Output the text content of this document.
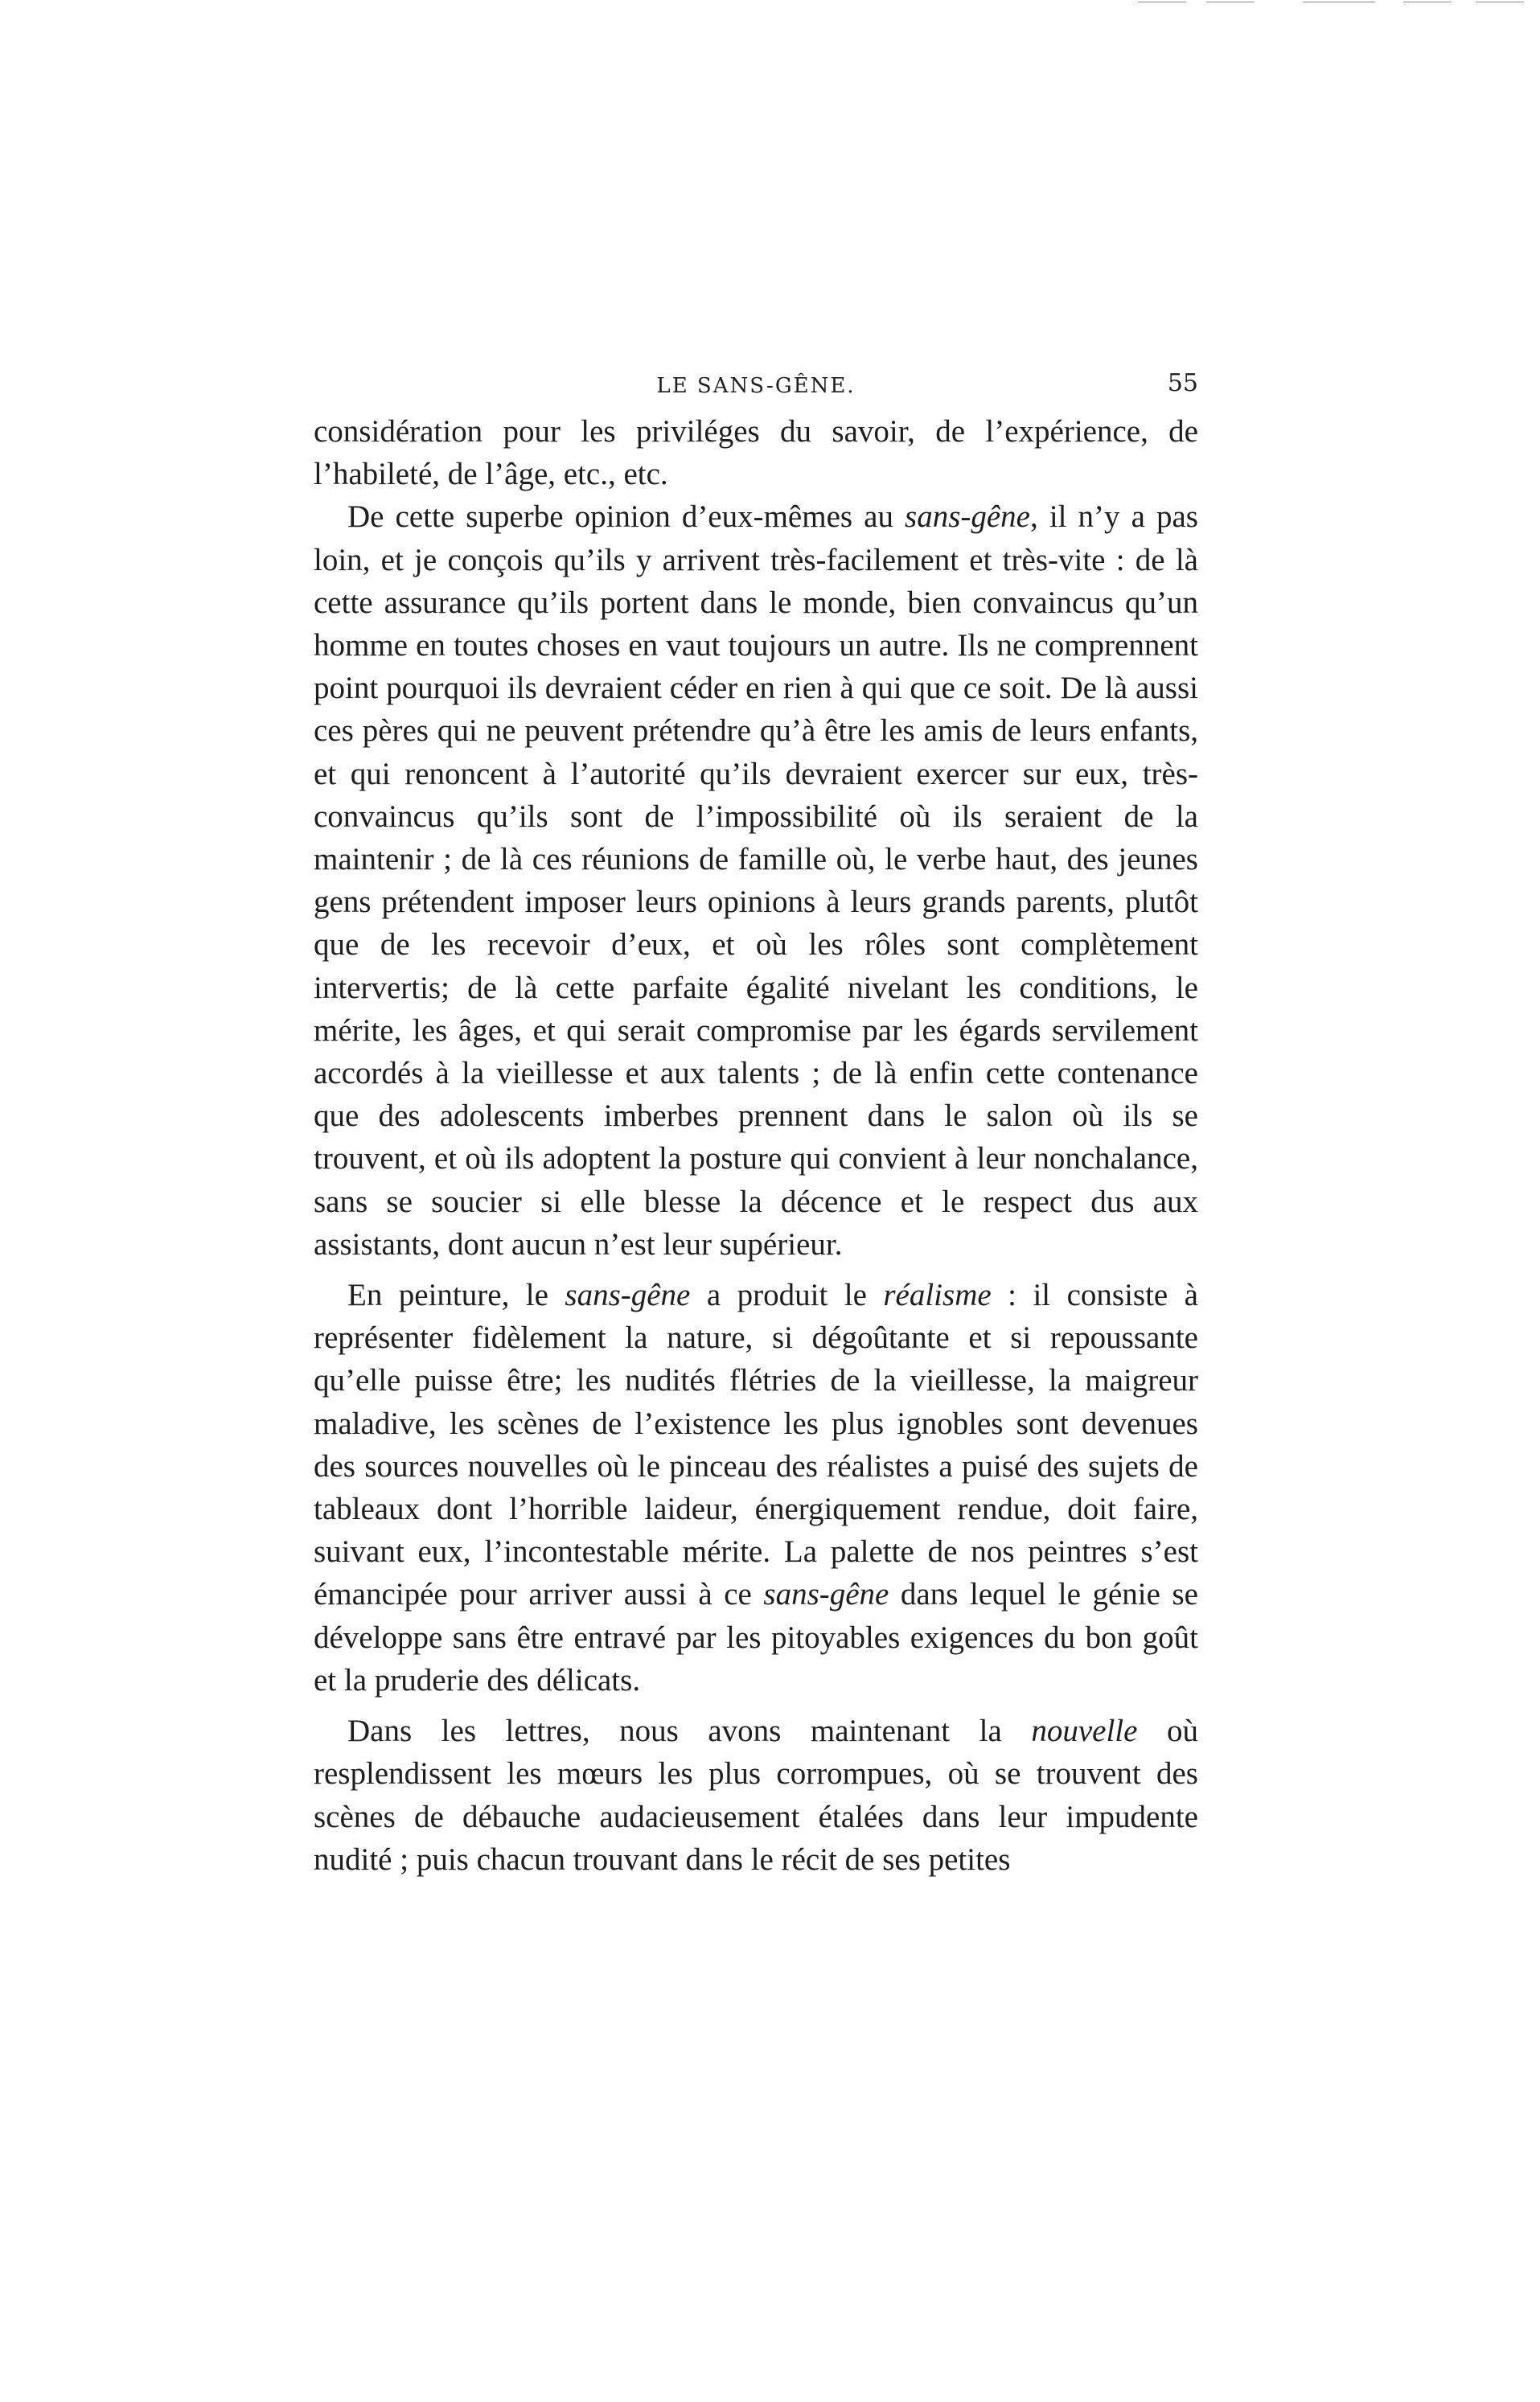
LE SANS-GÊNE.	55

considération pour les priviléges du savoir, de l’expérience, de l’habileté, de l’âge, etc., etc.

De cette superbe opinion d’eux-mêmes au sans-gêne, il n’y a pas loin, et je conçois qu’ils y arrivent très-facilement et très-vite : de là cette assurance qu’ils portent dans le monde, bien convaincus qu’un homme en toutes choses en vaut toujours un autre. Ils ne comprennent point pourquoi ils devraient céder en rien à qui que ce soit. De là aussi ces pères qui ne peuvent prétendre qu’à être les amis de leurs enfants, et qui renoncent à l’autorité qu’ils devraient exercer sur eux, très-convaincus qu’ils sont de l’impossibilité où ils seraient de la maintenir ; de là ces réunions de famille où, le verbe haut, des jeunes gens prétendent imposer leurs opinions à leurs grands parents, plutôt que de les recevoir d’eux, et où les rôles sont complètement intervertis; de là cette parfaite égalité nivelant les conditions, le mérite, les âges, et qui serait compromise par les égards servilement accordés à la vieillesse et aux talents ; de là enfin cette contenance que des adolescents imberbes prennent dans le salon où ils se trouvent, et où ils adoptent la posture qui convient à leur nonchalance, sans se soucier si elle blesse la décence et le respect dus aux assistants, dont aucun n’est leur supérieur.

En peinture, le sans-gêne a produit le réalisme : il consiste à représenter fidèlement la nature, si dégoûtante et si repoussante qu’elle puisse être; les nudités flétries de la vieillesse, la maigreur maladive, les scènes de l’existence les plus ignobles sont devenues des sources nouvelles où le pinceau des réalistes a puisé des sujets de tableaux dont l’horrible laideur, énergiquement rendue, doit faire, suivant eux, l’incontestable mérite. La palette de nos peintres s’est émancipée pour arriver aussi à ce sans-gêne dans lequel le génie se développe sans être entravé par les pitoyables exigences du bon goût et la pruderie des délicats.

Dans les lettres, nous avons maintenant la nouvelle où resplendissent les mœurs les plus corrompues, où se trouvent des scènes de débauche audacieusement étalées dans leur impudente nudité ; puis chacun trouvant dans le récit de ses petites
